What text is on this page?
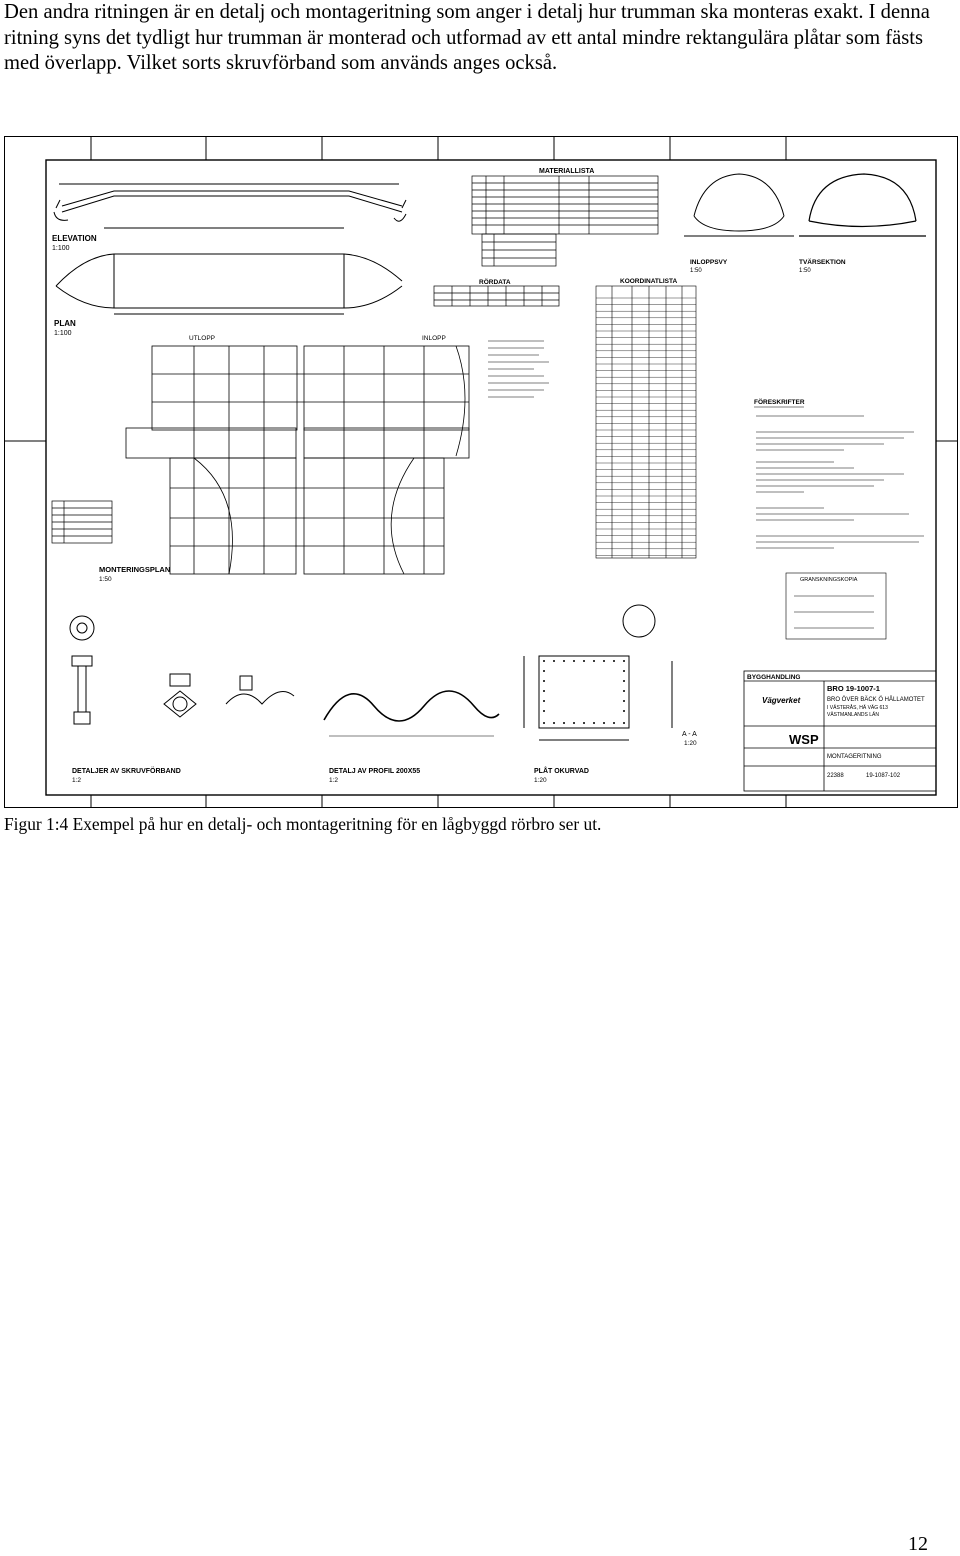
Den andra ritningen är en detalj och montageritning som anger i detalj hur trumman ska monteras exakt. I denna ritning syns det tydligt hur trumman är monterad och utformad av ett antal mindre rektangulära plåtar som fästs med överlapp. Vilket sorts skruvförband som används anges också.

ELEVATION
1:100
PLAN
1:100
UTLOPP	INLOPP
MONTERINGSPLAN
1:50
MATERIALLISTA
RÖRDATA	KOORDINATLISTA
INLOPPSVY
1:50
TVÄRSEKTION
1:50
FÖRESKRIFTER
GRANSKNINGSKOPIA
BYGGHANDLING
BRO 19-1007-1
BRO ÖVER BÄCK Ö HÅLLAMOTET
I VÄSTERÅS, HÄ VÄG 613
VÄSTMANLANDS LÄN
Vägverket
WSP
MONTAGERITNING
22388	19-1087-102
DETALJER AV SKRUVFÖRBAND
1:2
DETALJ AV PROFIL 200X55
1:2
PLÅT OKURVAD
1:20
A - A
1:20

Figur 1:4 Exempel på hur en detalj- och montageritning för en lågbyggd rörbro ser ut.

12
